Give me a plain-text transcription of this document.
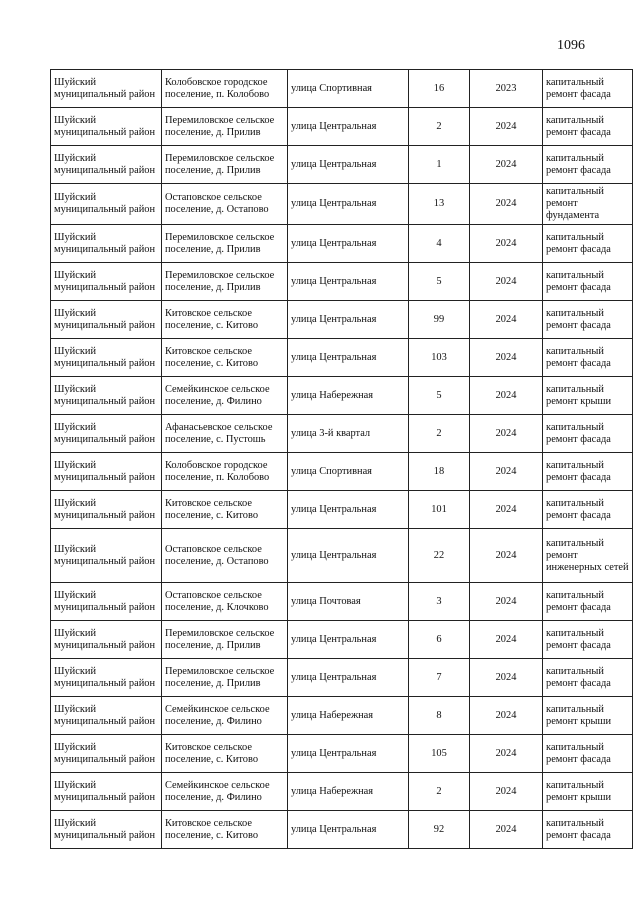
1096
Шуйский муниципальный район	Колобовское городское поселение, п. Колобово	улица Спортивная	16	2023	капитальный ремонт фасада
Шуйский муниципальный район	Перемиловское сельское поселение, д. Прилив	улица Центральная	2	2024	капитальный ремонт фасада
Шуйский муниципальный район	Перемиловское сельское поселение, д. Прилив	улица Центральная	1	2024	капитальный ремонт фасада
Шуйский муниципальный район	Остаповское сельское поселение, д. Остапово	улица Центральная	13	2024	капитальный ремонт фундамента
Шуйский муниципальный район	Перемиловское сельское поселение, д. Прилив	улица Центральная	4	2024	капитальный ремонт фасада
Шуйский муниципальный район	Перемиловское сельское поселение, д. Прилив	улица Центральная	5	2024	капитальный ремонт фасада
Шуйский муниципальный район	Китовское сельское поселение, с. Китово	улица Центральная	99	2024	капитальный ремонт фасада
Шуйский муниципальный район	Китовское сельское поселение, с. Китово	улица Центральная	103	2024	капитальный ремонт фасада
Шуйский муниципальный район	Семейкинское сельское поселение, д. Филино	улица Набережная	5	2024	капитальный ремонт крыши
Шуйский муниципальный район	Афанасьевское сельское поселение, с. Пустошь	улица 3-й квартал	2	2024	капитальный ремонт фасада
Шуйский муниципальный район	Колобовское городское поселение, п. Колобово	улица Спортивная	18	2024	капитальный ремонт фасада
Шуйский муниципальный район	Китовское сельское поселение, с. Китово	улица Центральная	101	2024	капитальный ремонт фасада
Шуйский муниципальный район	Остаповское сельское поселение, д. Остапово	улица Центральная	22	2024	капитальный ремонт инженерных сетей
Шуйский муниципальный район	Остаповское сельское поселение, д. Клочково	улица Почтовая	3	2024	капитальный ремонт фасада
Шуйский муниципальный район	Перемиловское сельское поселение, д. Прилив	улица Центральная	6	2024	капитальный ремонт фасада
Шуйский муниципальный район	Перемиловское сельское поселение, д. Прилив	улица Центральная	7	2024	капитальный ремонт фасада
Шуйский муниципальный район	Семейкинское сельское поселение, д. Филино	улица Набережная	8	2024	капитальный ремонт крыши
Шуйский муниципальный район	Китовское сельское поселение, с. Китово	улица Центральная	105	2024	капитальный ремонт фасада
Шуйский муниципальный район	Семейкинское сельское поселение, д. Филино	улица Набережная	2	2024	капитальный ремонт крыши
Шуйский муниципальный район	Китовское сельское поселение, с. Китово	улица Центральная	92	2024	капитальный ремонт фасада
